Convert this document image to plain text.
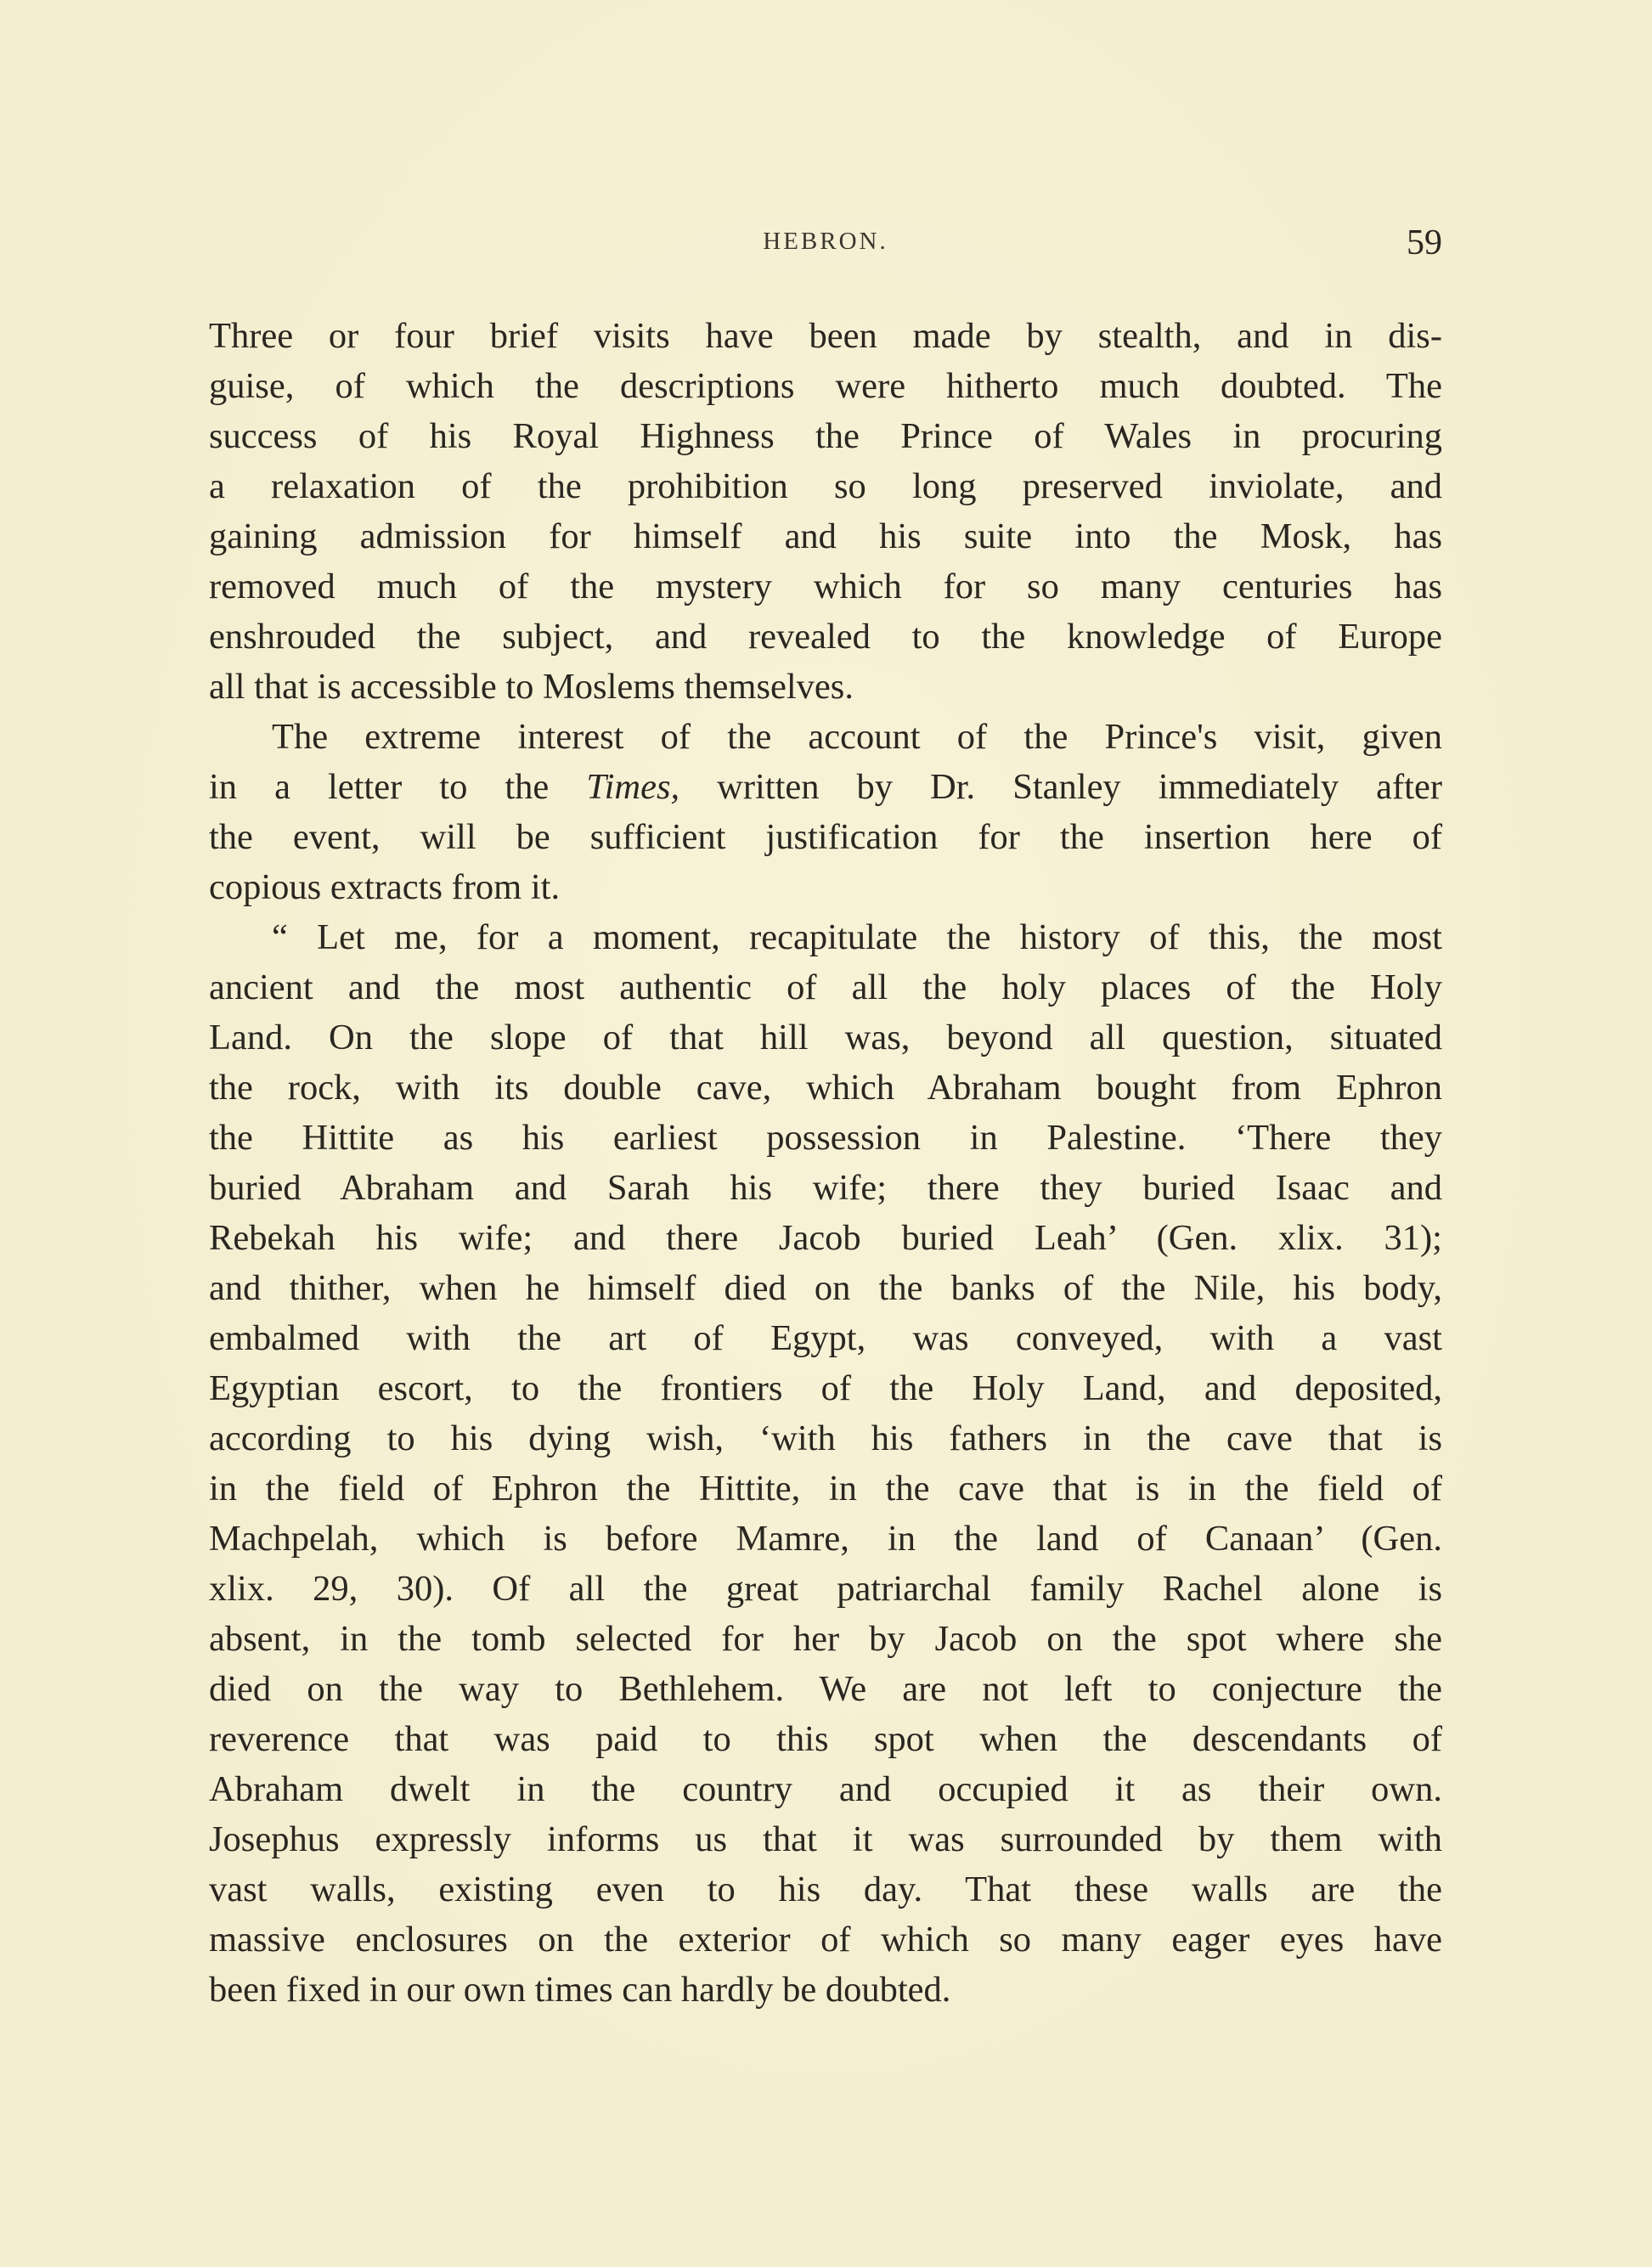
HEBRON.	59
Three or four brief visits have been made by stealth, and in dis-
guise, of which the descriptions were hitherto much doubted. The
success of his Royal Highness the Prince of Wales in procuring
a relaxation of the prohibition so long preserved inviolate, and
gaining admission for himself and his suite into the Mosk, has
removed much of the mystery which for so many centuries has
enshrouded the subject, and revealed to the knowledge of Europe
all that is accessible to Moslems themselves.
The extreme interest of the account of the Prince's visit, given
in a letter to the Times, written by Dr. Stanley immediately after
the event, will be sufficient justification for the insertion here of
copious extracts from it.
“ Let me, for a moment, recapitulate the history of this, the most
ancient and the most authentic of all the holy places of the Holy
Land. On the slope of that hill was, beyond all question, situated
the rock, with its double cave, which Abraham bought from Ephron
the Hittite as his earliest possession in Palestine. ‘There they
buried Abraham and Sarah his wife; there they buried Isaac and
Rebekah his wife; and there Jacob buried Leah’ (Gen. xlix. 31);
and thither, when he himself died on the banks of the Nile, his body,
embalmed with the art of Egypt, was conveyed, with a vast
Egyptian escort, to the frontiers of the Holy Land, and deposited,
according to his dying wish, ‘with his fathers in the cave that is
in the field of Ephron the Hittite, in the cave that is in the field of
Machpelah, which is before Mamre, in the land of Canaan’ (Gen.
xlix. 29, 30). Of all the great patriarchal family Rachel alone is
absent, in the tomb selected for her by Jacob on the spot where she
died on the way to Bethlehem. We are not left to conjecture the
reverence that was paid to this spot when the descendants of
Abraham dwelt in the country and occupied it as their own.
Josephus expressly informs us that it was surrounded by them with
vast walls, existing even to his day. That these walls are the
massive enclosures on the exterior of which so many eager eyes have
been fixed in our own times can hardly be doubted.
